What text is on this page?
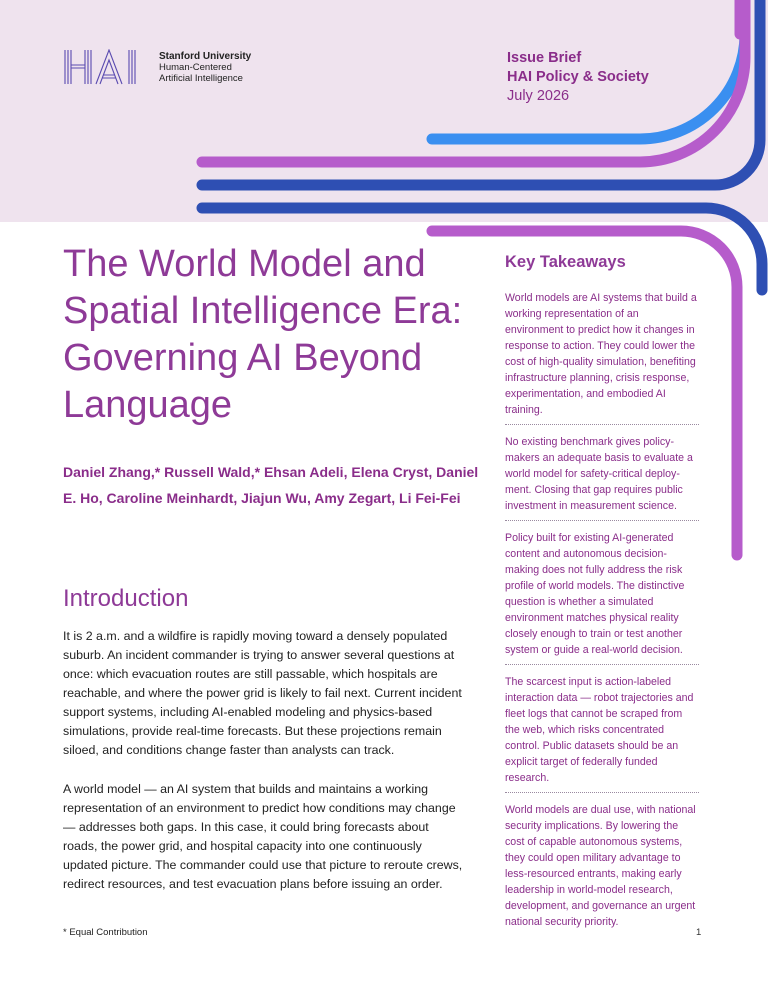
Stanford University
Human-Centered
Artificial Intelligence
Issue Brief
HAI Policy & Society
July 2026
The World Model and Spatial Intelligence Era: Governing AI Beyond Language
Daniel Zhang,* Russell Wald,* Ehsan Adeli, Elena Cryst, Daniel E. Ho, Caroline Meinhardt, Jiajun Wu, Amy Zegart, Li Fei-Fei
Introduction

It is 2 a.m. and a wildfire is rapidly moving toward a densely populated suburb. An incident commander is trying to answer several questions at once: which evacuation routes are still passable, which hospitals are reachable, and where the power grid is likely to fail next. Current incident support systems, including AI-enabled modeling and physics-based simulations, provide real-time forecasts. But these projections remain siloed, and conditions change faster than analysts can track.

A world model — an AI system that builds and maintains a working representation of an environment to predict how conditions may change — addresses both gaps. In this case, it could bring forecasts about roads, the power grid, and hospital capacity into one continuously updated picture. The commander could use that picture to reroute crews, redirect resources, and test evacuation plans before issuing an order.

Key Takeaways
World models are AI systems that build a working representation of an environment to predict how it changes in response to action. They could lower the cost of high-quality simulation, benefiting infrastructure planning, crisis response, experimentation, and embodied AI training.
No existing benchmark gives policy-makers an adequate basis to evaluate a world model for safety-critical deploy-ment. Closing that gap requires public investment in measurement science.
Policy built for existing AI-generated content and autonomous decision-making does not fully address the risk profile of world models. The distinctive question is whether a simulated environment matches physical reality closely enough to train or test another system or guide a real-world decision.
The scarcest input is action-labeled interaction data — robot trajectories and fleet logs that cannot be scraped from the web, which risks concentrated control. Public datasets should be an explicit target of federally funded research.
World models are dual use, with national security implications. By lowering the cost of capable autonomous systems, they could open military advantage to less-resourced entrants, making early leadership in world-model research, development, and governance an urgent national security priority.
* Equal Contribution	1
